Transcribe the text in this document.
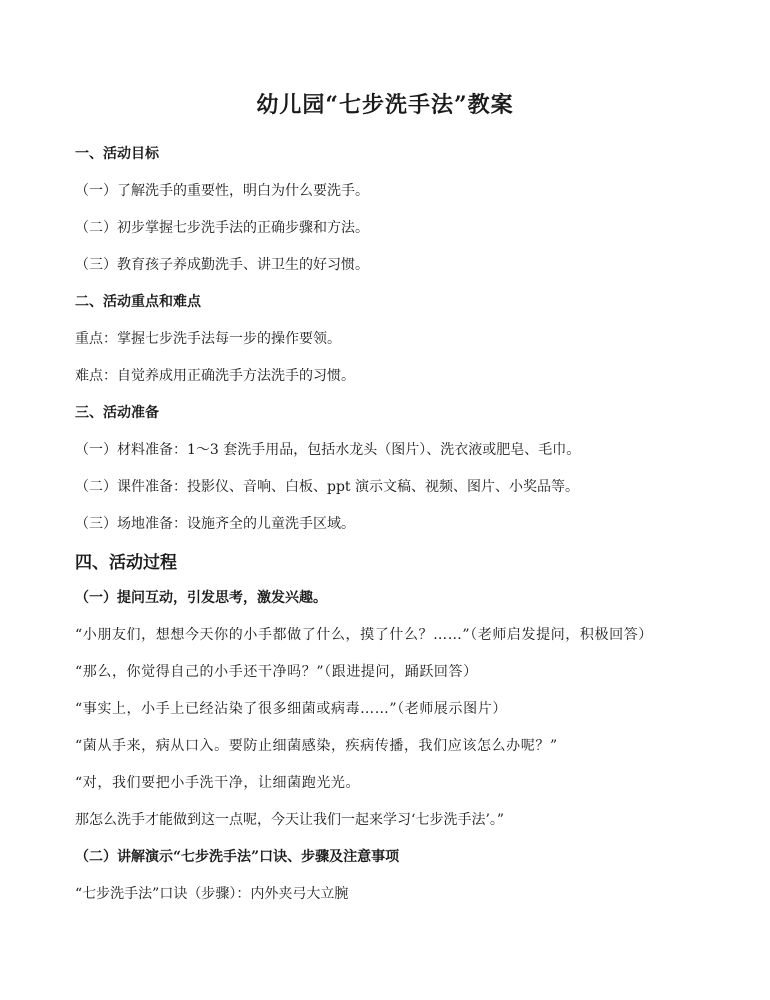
幼儿园“七步洗手法”教案
一、活动目标
（一）了解洗手的重要性，明白为什么要洗手。
（二）初步掌握七步洗手法的正确步骤和方法。
（三）教育孩子养成勤洗手、讲卫生的好习惯。
二、活动重点和难点
重点：掌握七步洗手法每一步的操作要领。
难点：自觉养成用正确洗手方法洗手的习惯。
三、活动准备
（一）材料准备：1～3 套洗手用品，包括水龙头（图片）、洗衣液或肥皂、毛巾。
（二）课件准备：投影仪、音响、白板、ppt 演示文稿、视频、图片、小奖品等。
（三）场地准备：设施齐全的儿童洗手区域。
四、活动过程
（一）提问互动，引发思考，激发兴趣。
“小朋友们，想想今天你的小手都做了什么，摸了什么？……”（老师启发提问，积极回答）
“那么，你觉得自己的小手还干净吗？”（跟进提问，踊跃回答）
“事实上，小手上已经沾染了很多细菌或病毒……”（老师展示图片）
“菌从手来，病从口入。要防止细菌感染，疾病传播，我们应该怎么办呢？”
“对，我们要把小手洗干净，让细菌跑光光。
那怎么洗手才能做到这一点呢，今天让我们一起来学习‘七步洗手法’。”
（二）讲解演示“七步洗手法”口诀、步骤及注意事项
“七步洗手法”口诀（步骤）：内外夹弓大立腕
